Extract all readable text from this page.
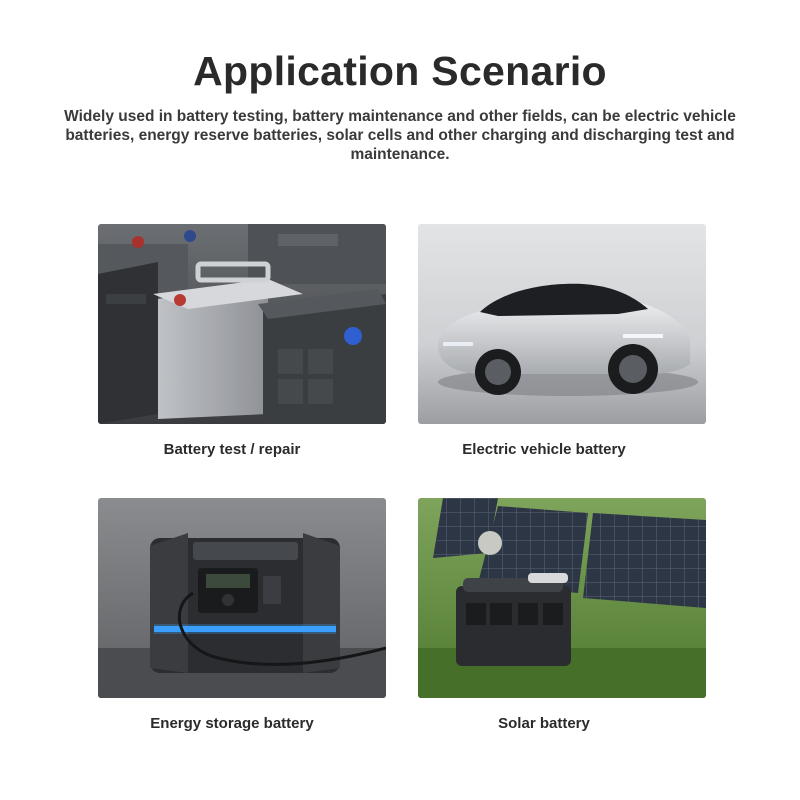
Application Scenario

Widely used in battery testing, battery maintenance and other fields, can be electric vehicle batteries, energy reserve batteries, solar cells and other charging and discharging test and maintenance.

Battery test / repair	Electric vehicle battery
Energy storage battery	Solar battery
